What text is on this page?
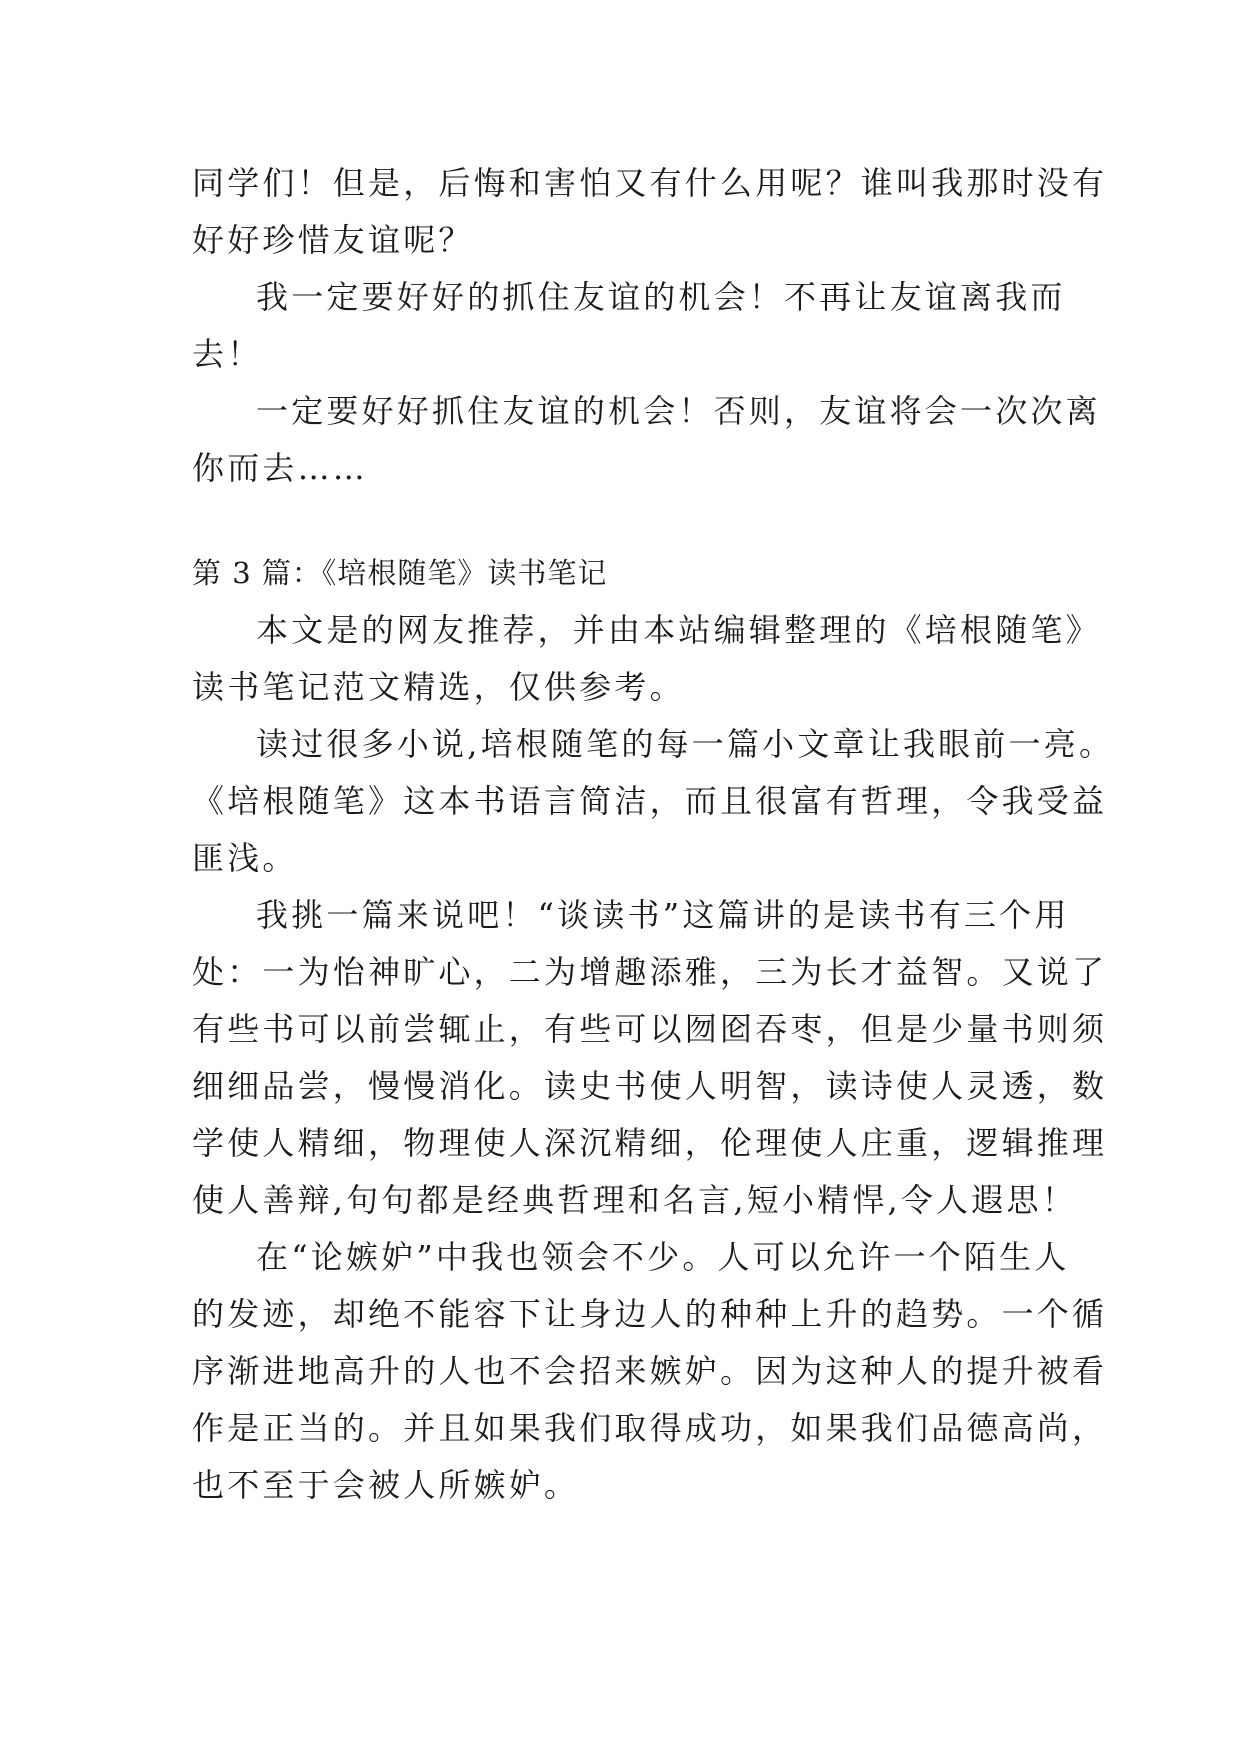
同学们！但是，后悔和害怕又有什么用呢？谁叫我那时没有
好好珍惜友谊呢？
我一定要好好的抓住友谊的机会！不再让友谊离我而
去！
一定要好好抓住友谊的机会！否则，友谊将会一次次离
你而去……
第 3 篇：《培根随笔》读书笔记
本文是的网友推荐，并由本站编辑整理的《培根随笔》
读书笔记范文精选，仅供参考。
读过很多小说,培根随笔的每一篇小文章让我眼前一亮。
《培根随笔》这本书语言简洁，而且很富有哲理，令我受益
匪浅。
我挑一篇来说吧！“谈读书”这篇讲的是读书有三个用
处：一为怡神旷心，二为增趣添雅，三为长才益智。又说了
有些书可以前尝辄止，有些可以囫囵吞枣，但是少量书则须
细细品尝，慢慢消化。读史书使人明智，读诗使人灵透，数
学使人精细，物理使人深沉精细，伦理使人庄重，逻辑推理
使人善辩,句句都是经典哲理和名言,短小精悍,令人遐思！
在“论嫉妒”中我也领会不少。人可以允许一个陌生人
的发迹，却绝不能容下让身边人的种种上升的趋势。一个循
序渐进地高升的人也不会招来嫉妒。因为这种人的提升被看
作是正当的。并且如果我们取得成功，如果我们品德高尚，
也不至于会被人所嫉妒。
